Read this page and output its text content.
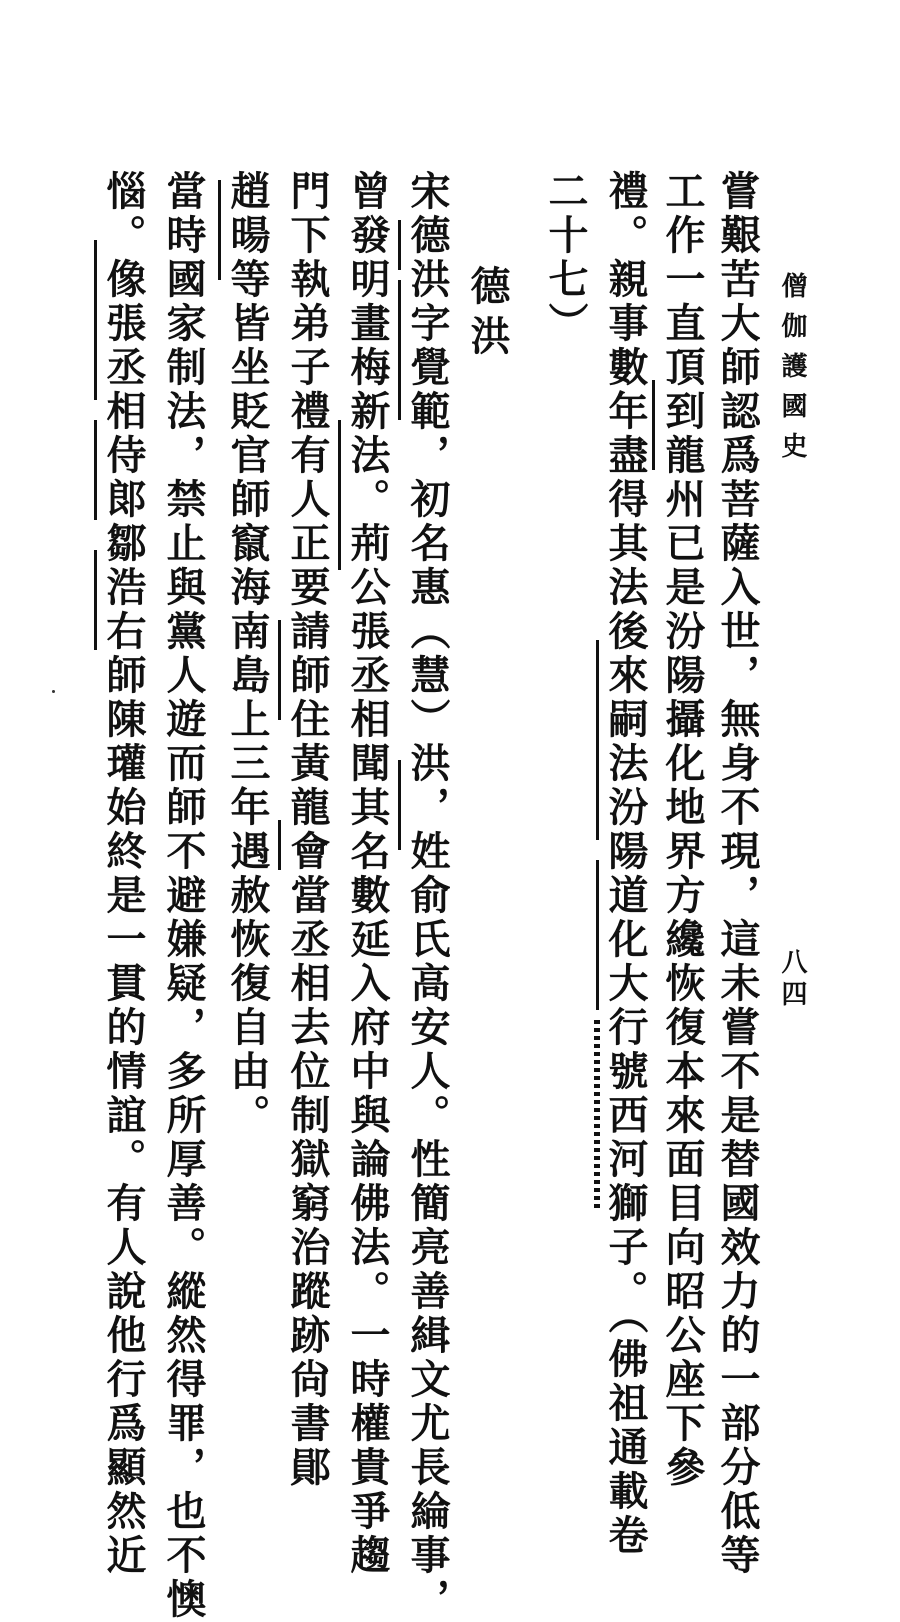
僧伽護國史
八四
嘗艱苦大師認爲菩薩入世，無身不現，這未嘗不是替國效力的一部分低等
工作一直頂到龍州已是汾陽攝化地界方纔恢復本來面目向昭公座下參
禮。親事數年盡得其法後來嗣法汾陽道化大行號西河獅子。（佛祖通載卷
二十七）
德洪
宋德洪字覺範，初名惠（慧）洪，姓俞氏高安人。性簡亮善緝文尤長綸事，
曾發明畫梅新法。荊公張丞相聞其名數延入府中與論佛法。一時權貴爭趨
門下執弟子禮有人正要請師住黃龍會當丞相去位制獄窮治蹤跡尙書鄖
趙暘等皆坐貶官師竄海南島上三年遇赦恢復自由。
當時國家制法，禁止與黨人遊而師不避嫌疑，多所厚善。縱然得罪，也不懊
惱。像張丞相侍郞鄒浩右師陳瓘始終是一貫的情誼。有人說他行爲顯然近
